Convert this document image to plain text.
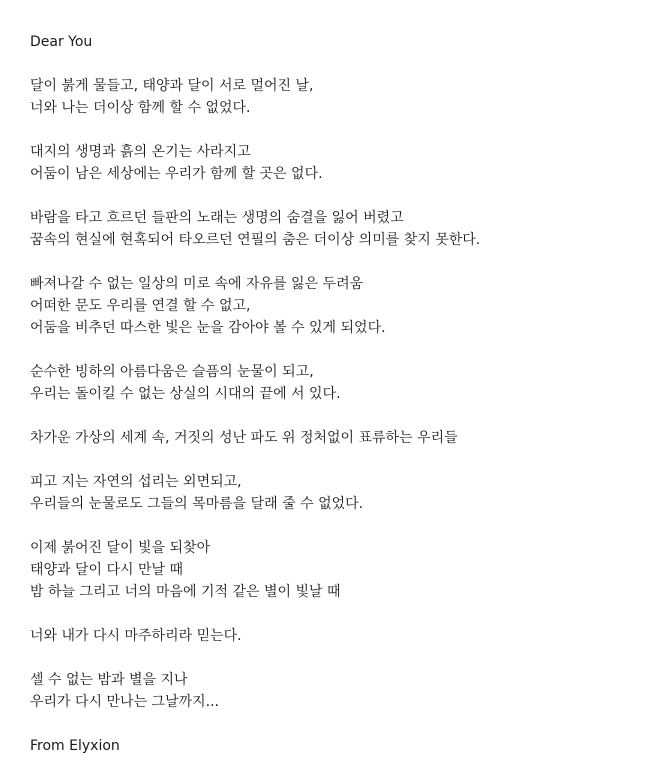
Dear You
달이 붉게 물들고, 태양과 달이 서로 멀어진 날,
너와 나는 더이상 함께 할 수 없었다.
대지의 생명과 흙의 온기는 사라지고
어둠이 남은 세상에는 우리가 함께 할 곳은 없다.
바람을 타고 흐르던 들판의 노래는 생명의 숨결을 잃어 버렸고
꿈속의 현실에 현혹되어 타오르던 연필의 춤은 더이상 의미를 찾지 못한다.
빠져나갈 수 없는 일상의 미로 속에 자유를 잃은 두려움
어떠한 문도 우리를 연결 할 수 없고,
어둠을 비추던 따스한 빛은 눈을 감아야 볼 수 있게 되었다.
순수한 빙하의 아름다움은 슬픔의 눈물이 되고,
우리는 돌이킬 수 없는 상실의 시대의 끝에 서 있다.
차가운 가상의 세계 속, 거짓의 성난 파도 위 정처없이 표류하는 우리들
피고 지는 자연의 섭리는 외면되고,
우리들의 눈물로도 그들의 목마름을 달래 줄 수 없었다.
이제 붉어진 달이 빛을 되찾아
태양과 달이 다시 만날 때
밤 하늘 그리고 너의 마음에 기적 같은 별이 빛날 때
너와 내가 다시 마주하리라 믿는다.
셀 수 없는 밤과 별을 지나
우리가 다시 만나는 그날까지...
From Elyxion
